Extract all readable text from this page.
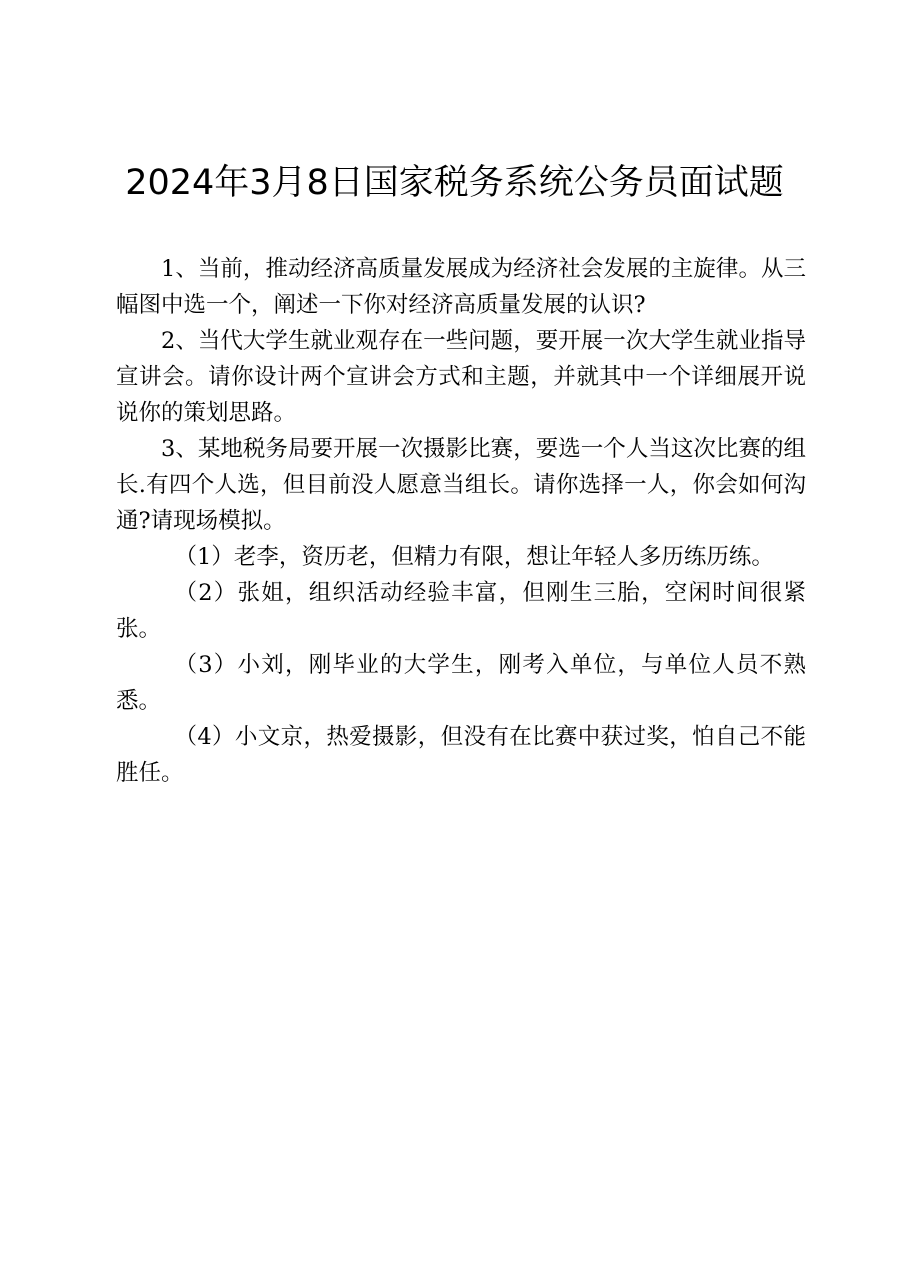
2024年3月8日国家税务系统公务员面试题

1、当前，推动经济高质量发展成为经济社会发展的主旋律。从三幅图中选一个，阐述一下你对经济高质量发展的认识?

2、当代大学生就业观存在一些问题，要开展一次大学生就业指导宣讲会。请你设计两个宣讲会方式和主题，并就其中一个详细展开说说你的策划思路。

3、某地税务局要开展一次摄影比赛，要选一个人当这次比赛的组长.有四个人选，但目前没人愿意当组长。请你选择一人，你会如何沟通?请现场模拟。

（1）老李，资历老，但精力有限，想让年轻人多历练历练。

（2）张姐，组织活动经验丰富，但刚生三胎，空闲时间很紧张。

（3）小刘，刚毕业的大学生，刚考入单位，与单位人员不熟悉。

（4）小文京，热爱摄影，但没有在比赛中获过奖，怕自己不能胜任。
